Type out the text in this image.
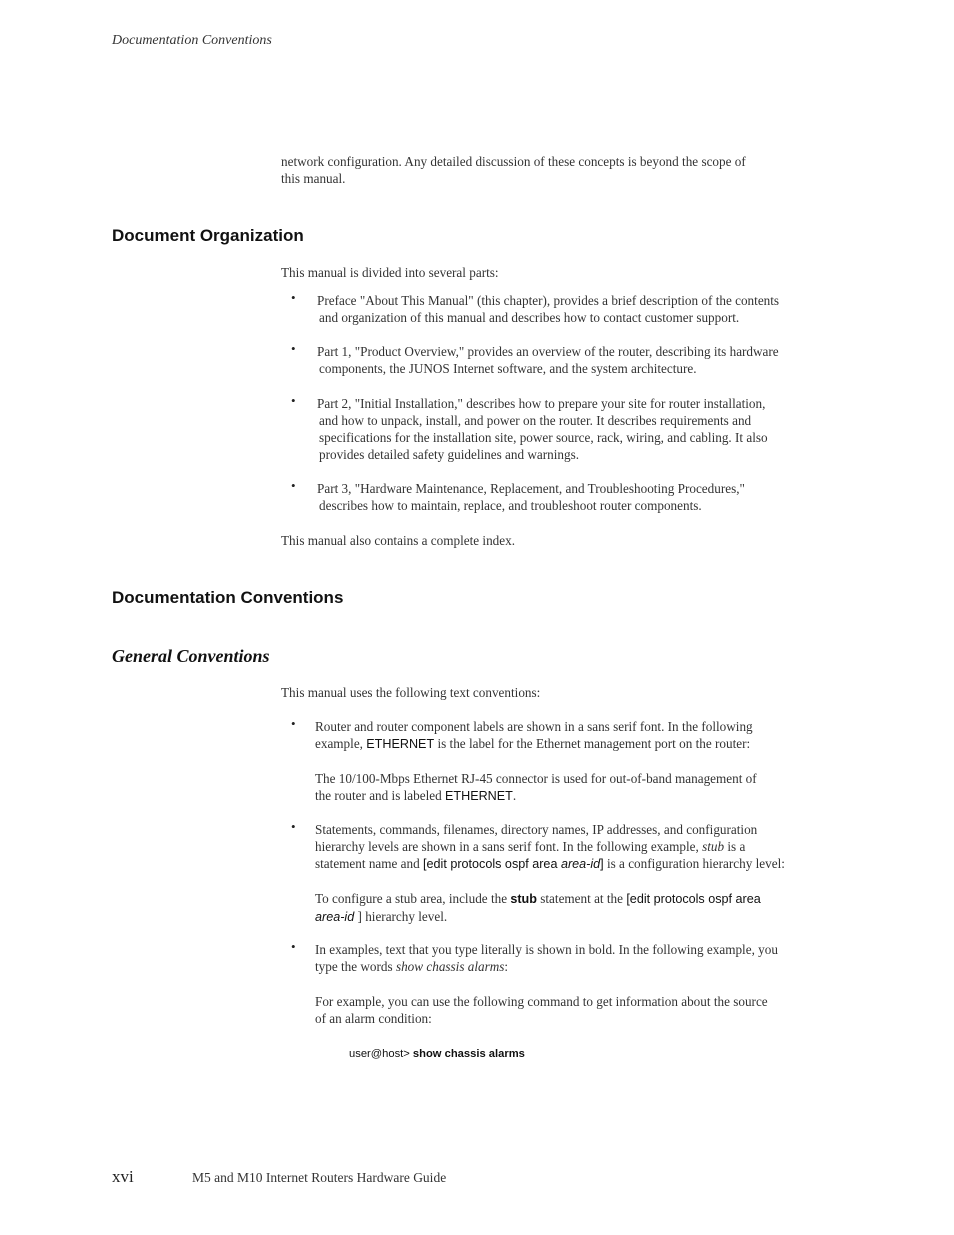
Documentation Conventions
network configuration. Any detailed discussion of these concepts is beyond the scope of
this manual.
Document Organization
This manual is divided into several parts:
• Preface "About This Manual" (this chapter), provides a brief description of the contents
and organization of this manual and describes how to contact customer support.
• Part 1, "Product Overview," provides an overview of the router, describing its hardware
components, the JUNOS Internet software, and the system architecture.
• Part 2, "Initial Installation," describes how to prepare your site for router installation,
and how to unpack, install, and power on the router. It describes requirements and
specifications for the installation site, power source, rack, wiring, and cabling. It also
provides detailed safety guidelines and warnings.
• Part 3, "Hardware Maintenance, Replacement, and Troubleshooting Procedures,"
describes how to maintain, replace, and troubleshoot router components.
This manual also contains a complete index.
Documentation Conventions
General Conventions
This manual uses the following text conventions:
• Router and router component labels are shown in a sans serif font. In the following
example, ETHERNET is the label for the Ethernet management port on the router:
The 10/100-Mbps Ethernet RJ-45 connector is used for out-of-band management of
the router and is labeled ETHERNET.
• Statements, commands, filenames, directory names, IP addresses, and configuration
hierarchy levels are shown in a sans serif font. In the following example, stub is a
statement name and [edit protocols ospf area area-id] is a configuration hierarchy level:
To configure a stub area, include the stub statement at the [edit protocols ospf area
area-id ] hierarchy level.
• In examples, text that you type literally is shown in bold. In the following example, you
type the words show chassis alarms:
For example, you can use the following command to get information about the source
of an alarm condition:
user@host> show chassis alarms
xvi	M5 and M10 Internet Routers Hardware Guide
